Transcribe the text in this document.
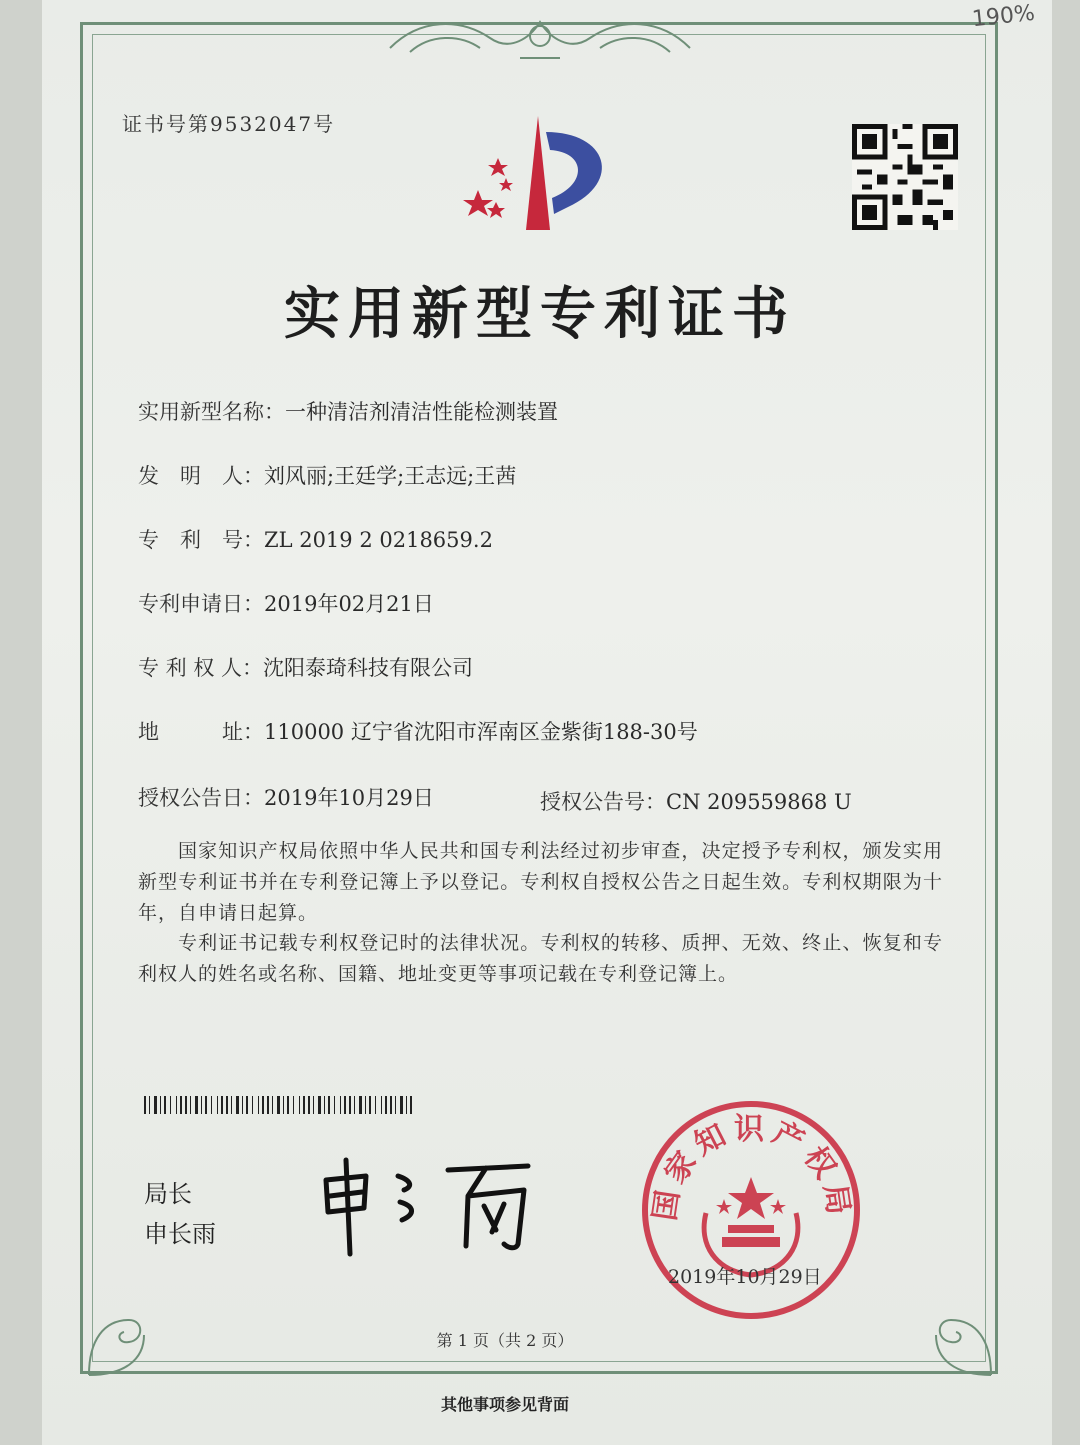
190%
证书号第9532047号
实用新型专利证书
实用新型名称：一种清洁剂清洁性能检测装置
发　明　人：刘风丽;王廷学;王志远;王茜
专　利　号：ZL 2019 2 0218659.2
专利申请日：2019年02月21日
专 利 权 人：沈阳泰琦科技有限公司
地　　　址：110000 辽宁省沈阳市浑南区金紫街188-30号
授权公告日：2019年10月29日	授权公告号：CN 209559868 U
国家知识产权局依照中华人民共和国专利法经过初步审查，决定授予专利权，颁发实用新型专利证书并在专利登记簿上予以登记。专利权自授权公告之日起生效。专利权期限为十年，自申请日起算。
专利证书记载专利权登记时的法律状况。专利权的转移、质押、无效、终止、恢复和专利权人的姓名或名称、国籍、地址变更等事项记载在专利登记簿上。
局长
申长雨
国家知识产权局
2019年10月29日
第 1 页（共 2 页）
其他事项参见背面
